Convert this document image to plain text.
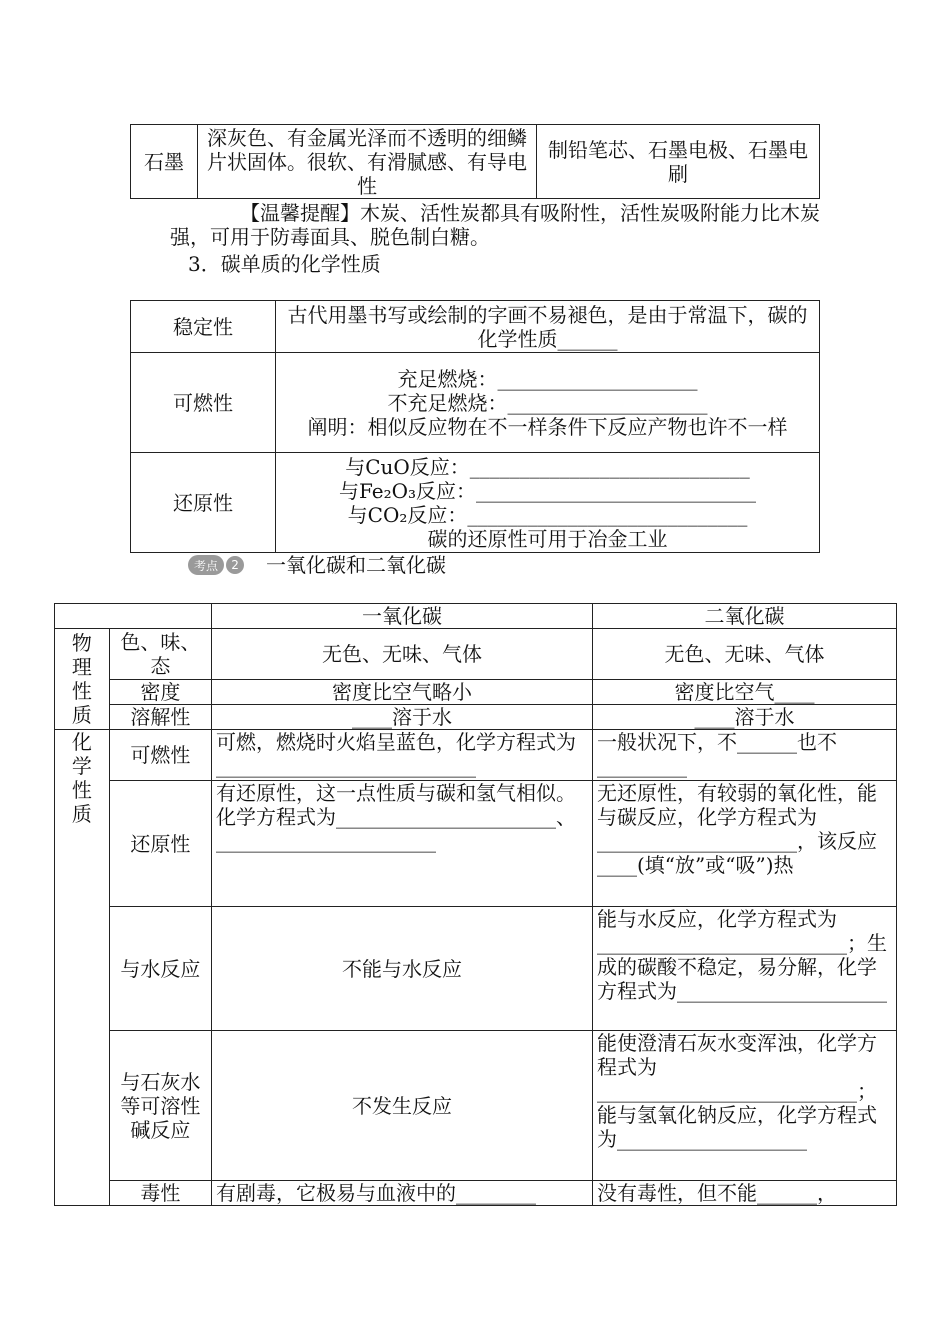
石墨	深灰色、有金属光泽而不透明的细鳞片状固体。很软、有滑腻感、有导电性	制铅笔芯、石墨电极、石墨电刷
【温馨提醒】木炭、活性炭都具有吸附性，活性炭吸附能力比木炭强，可用于防毒面具、脱色制白糖。
3．碳单质的化学性质
稳定性	古代用墨书写或绘制的字画不易褪色，是由于常温下，碳的化学性质______
可燃性	充足燃烧：____________________
不充足燃烧：____________________
阐明：相似反应物在不一样条件下反应产物也许不一样

还原性	与CuO反应：____________________________
与Fe₂O₃反应：____________________________
与CO₂反应：____________________________
碳的还原性可用于冶金工业
考点	2 一氧化碳和二氧化碳
		一氧化碳	二氧化碳
物理性质	色、味、态	无色、无味、气体	无色、无味、气体
	密度	密度比空气略小	密度比空气____
	溶解性	____溶于水	____溶于水
化学性质	可燃性	可燃，燃烧时火焰呈蓝色，化学方程式为__________________________	一般状况下，不______也不_________
	还原性	有还原性，这一点性质与碳和氢气相似。化学方程式为______________________、______________________	无还原性，有较弱的氧化性，能与碳反应，化学方程式为____________________，该反应____(填“放”或“吸”)热
	与水反应	不能与水反应	能与水反应，化学方程式为_________________________；生成的碳酸不稳定，易分解，化学方程式为_____________________
	与石灰水等可溶性碱反应	不发生反应	能使澄清石灰水变浑浊，化学方程式为__________________________；能与氢氧化钠反应，化学方程式为___________________
	毒性	有剧毒，它极易与血液中的________	没有毒性，但不能______，
